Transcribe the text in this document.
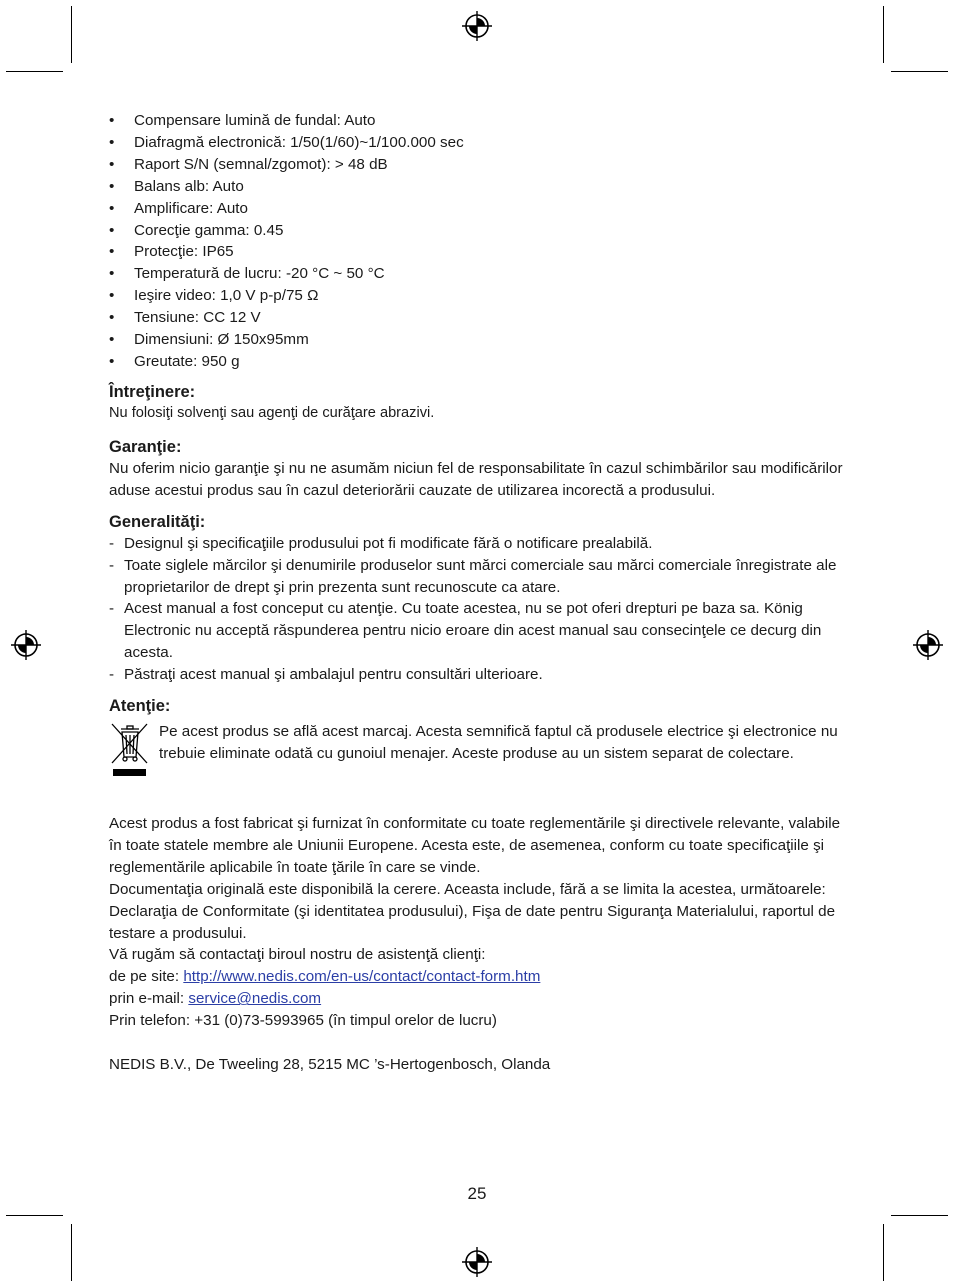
• Compensare lumină de fundal: Auto
• Diafragmă electronică: 1/50(1/60)~1/100.000 sec
• Raport S/N (semnal/zgomot): > 48 dB
• Balans alb: Auto
• Amplificare: Auto
• Corecţie gamma: 0.45
• Protecţie: IP65
• Temperatură de lucru: -20 °C ~ 50 °C
• Ieşire video: 1,0 V p-p/75 Ω
• Tensiune: CC 12 V
• Dimensiuni: Ø 150x95mm
• Greutate: 950 g
Întreţinere:

Nu folosiţi solvenţi sau agenţi de curăţare abrazivi.

Garanţie:

Nu oferim nicio garanţie şi nu ne asumăm niciun fel de responsabilitate în cazul schimbărilor sau modificărilor aduse acestui produs sau în cazul deteriorării cauzate de utilizarea incorectă a produsului.

Generalităţi:
- Designul şi specificaţiile produsului pot fi modificate fără o notificare prealabilă.
- Toate siglele mărcilor şi denumirile produselor sunt mărci comerciale sau mărci comerciale înregistrate ale proprietarilor de drept şi prin prezenta sunt recunoscute ca atare.
- Acest manual a fost conceput cu atenţie. Cu toate acestea, nu se pot oferi drepturi pe baza sa. König Electronic nu acceptă răspunderea pentru nicio eroare din acest manual sau consecinţele ce decurg din acesta.
- Păstraţi acest manual şi ambalajul pentru consultări ulterioare.
Atenţie:

Pe acest produs se află acest marcaj. Acesta semnifică faptul că produsele electrice şi electronice nu trebuie eliminate odată cu gunoiul menajer. Aceste produse au un sistem separat de colectare.

Acest produs a fost fabricat şi furnizat în conformitate cu toate reglementările şi directivele relevante, valabile în toate statele membre ale Uniunii Europene. Acesta este, de asemenea, conform cu toate specificaţiile şi reglementările aplicabile în toate ţările în care se vinde.

Documentaţia originală este disponibilă la cerere. Aceasta include, fără a se limita la acestea, următoarele: Declaraţia de Conformitate (şi identitatea produsului), Fişa de date pentru Siguranţa Materialului, raportul de testare a produsului.

Vă rugăm să contactaţi biroul nostru de asistenţă clienţi:

de pe site: http://www.nedis.com/en-us/contact/contact-form.htm

prin e-mail: service@nedis.com

Prin telefon: +31 (0)73-5993965 (în timpul orelor de lucru)

NEDIS B.V., De Tweeling 28, 5215 MC ’s-Hertogenbosch, Olanda

25
